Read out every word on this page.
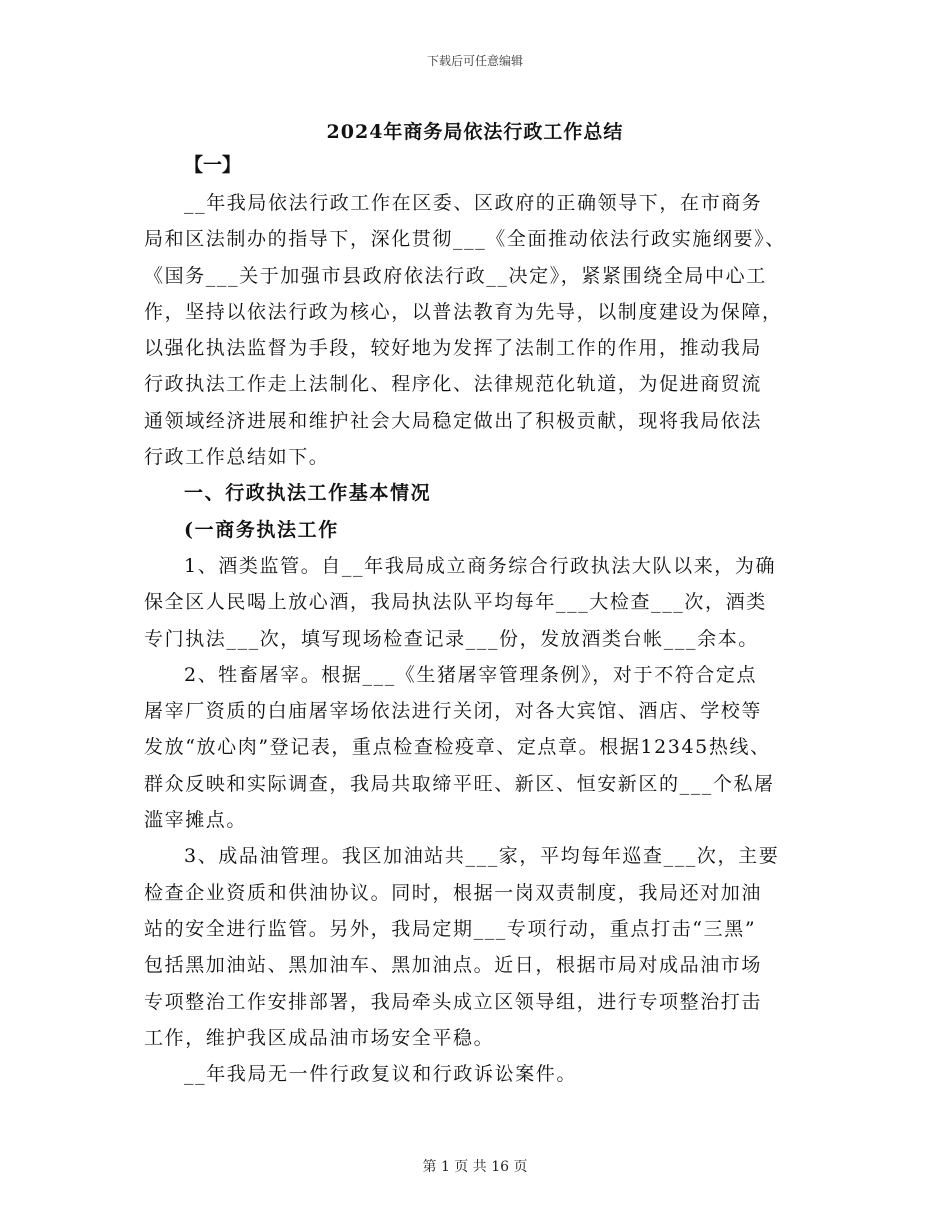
下载后可任意编辑
2024年商务局依法行政工作总结
【一】
__年我局依法行政工作在区委、区政府的正确领导下，在市商务
局和区法制办的指导下，深化贯彻___《全面推动依法行政实施纲要》、
《国务___关于加强市县政府依法行政__决定》，紧紧围绕全局中心工
作，坚持以依法行政为核心，以普法教育为先导，以制度建设为保障，
以强化执法监督为手段，较好地为发挥了法制工作的作用，推动我局
行政执法工作走上法制化、程序化、法律规范化轨道，为促进商贸流
通领域经济进展和维护社会大局稳定做出了积极贡献，现将我局依法
行政工作总结如下。
一、行政执法工作基本情况
(一商务执法工作
1、酒类监管。自__年我局成立商务综合行政执法大队以来，为确
保全区人民喝上放心酒，我局执法队平均每年___大检查___次，酒类
专门执法___次，填写现场检查记录___份，发放酒类台帐___余本。
2、牲畜屠宰。根据___《生猪屠宰管理条例》，对于不符合定点
屠宰厂资质的白庙屠宰场依法进行关闭，对各大宾馆、酒店、学校等
发放“放心肉”登记表，重点检查检疫章、定点章。根据12345热线、
群众反映和实际调查，我局共取缔平旺、新区、恒安新区的___个私屠
滥宰摊点。
3、成品油管理。我区加油站共___家，平均每年巡查___次，主要
检查企业资质和供油协议。同时，根据一岗双责制度，我局还对加油
站的安全进行监管。另外，我局定期___专项行动，重点打击“三黑”
包括黑加油站、黑加油车、黑加油点。近日，根据市局对成品油市场
专项整治工作安排部署，我局牵头成立区领导组，进行专项整治打击
工作，维护我区成品油市场安全平稳。
__年我局无一件行政复议和行政诉讼案件。
第 1 页 共 16 页
